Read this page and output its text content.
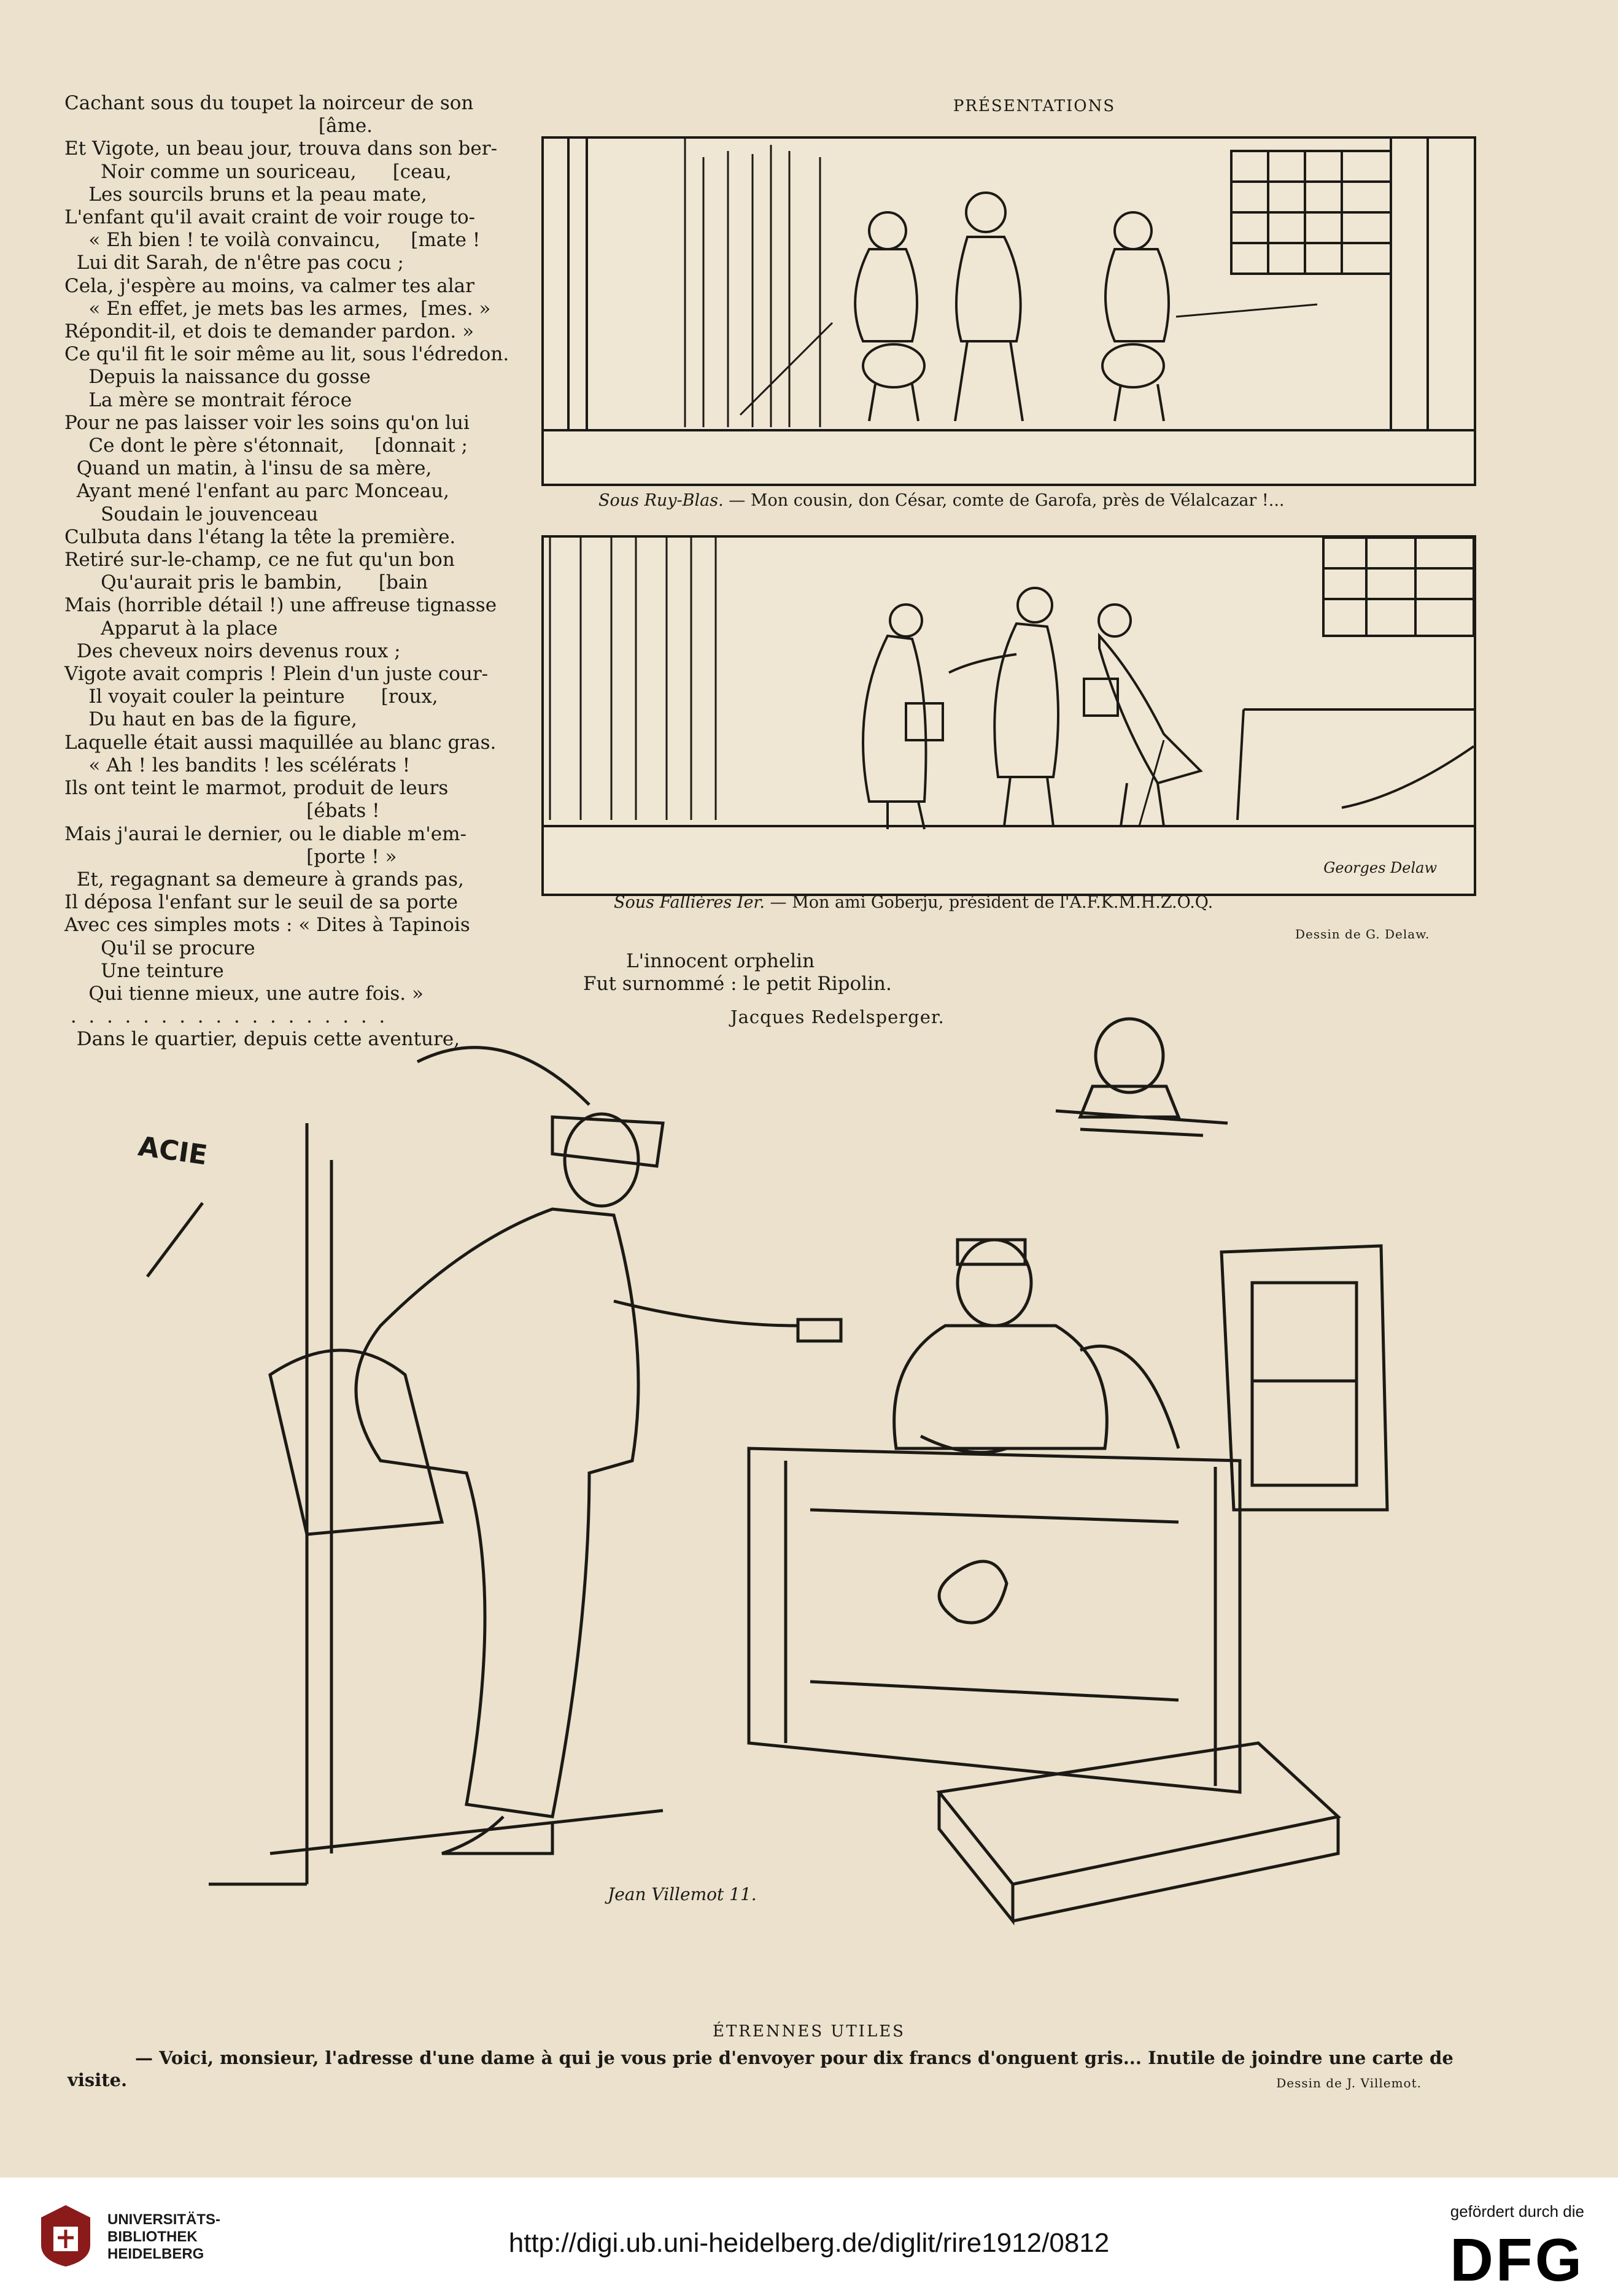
Cachant sous du toupet la noirceur de son
[âme.
Et Vigote, un beau jour, trouva dans son ber-
Noir comme un souriceau,      [ceau,
Les sourcils bruns et la peau mate,
L'enfant qu'il avait craint de voir rouge to-
« Eh bien ! te voilà convaincu,     [mate !
Lui dit Sarah, de n'être pas cocu ;
Cela, j'espère au moins, va calmer tes alar
« En effet, je mets bas les armes,  [mes. »
Répondit-il, et dois te demander pardon. »
Ce qu'il fit le soir même au lit, sous l'édredon.
Depuis la naissance du gosse
La mère se montrait féroce
Pour ne pas laisser voir les soins qu'on lui
Ce dont le père s'étonnait,     [donnait ;
Quand un matin, à l'insu de sa mère,
Ayant mené l'enfant au parc Monceau,
Soudain le jouvenceau
Culbuta dans l'étang la tête la première.
Retiré sur-le-champ, ce ne fut qu'un bon
Qu'aurait pris le bambin,      [bain
Mais (horrible détail !) une affreuse tignasse
Apparut à la place
Des cheveux noirs devenus roux ;
Vigote avait compris ! Plein d'un juste cour-
Il voyait couler la peinture      [roux,
Du haut en bas de la figure,
Laquelle était aussi maquillée au blanc gras.
« Ah ! les bandits ! les scélérats !
Ils ont teint le marmot, produit de leurs
[ébats !
Mais j'aurai le dernier, ou le diable m'em-
[porte ! »
Et, regagnant sa demeure à grands pas,
Il déposa l'enfant sur le seuil de sa porte
Avec ces simples mots : « Dites à Tapinois
Qu'il se procure
Une teinture
Qui tienne mieux, une autre fois. »
.  .  .  .  .  .  .  .  .  .  .  .  .  .  .  .  .  .
Dans le quartier, depuis cette aventure,
PRÉSENTATIONS
Sous Ruy-Blas. — Mon cousin, don César, comte de Garofa, près de Vélalcazar !...
Georges Delaw
Sous Fallières Ier. — Mon ami Goberju, président de l'A.F.K.M.H.Z.O.Q.
Dessin de G. Delaw.
L'innocent orphelin
Fut surnommé : le petit Ripolin.
Jacques Redelsperger.
ACIE
Jean Villemot 11.
ÉTRENNES UTILES
— Voici, monsieur, l'adresse d'une dame à qui je vous prie d'envoyer pour dix francs d'onguent gris... Inutile de joindre une carte de visite.	Dessin de J. Villemot.
UNIVERSITÄTS-
BIBLIOTHEK
HEIDELBERG	http://digi.ub.uni-heidelberg.de/diglit/rire1912/0812
gefördert durch die
DFG
